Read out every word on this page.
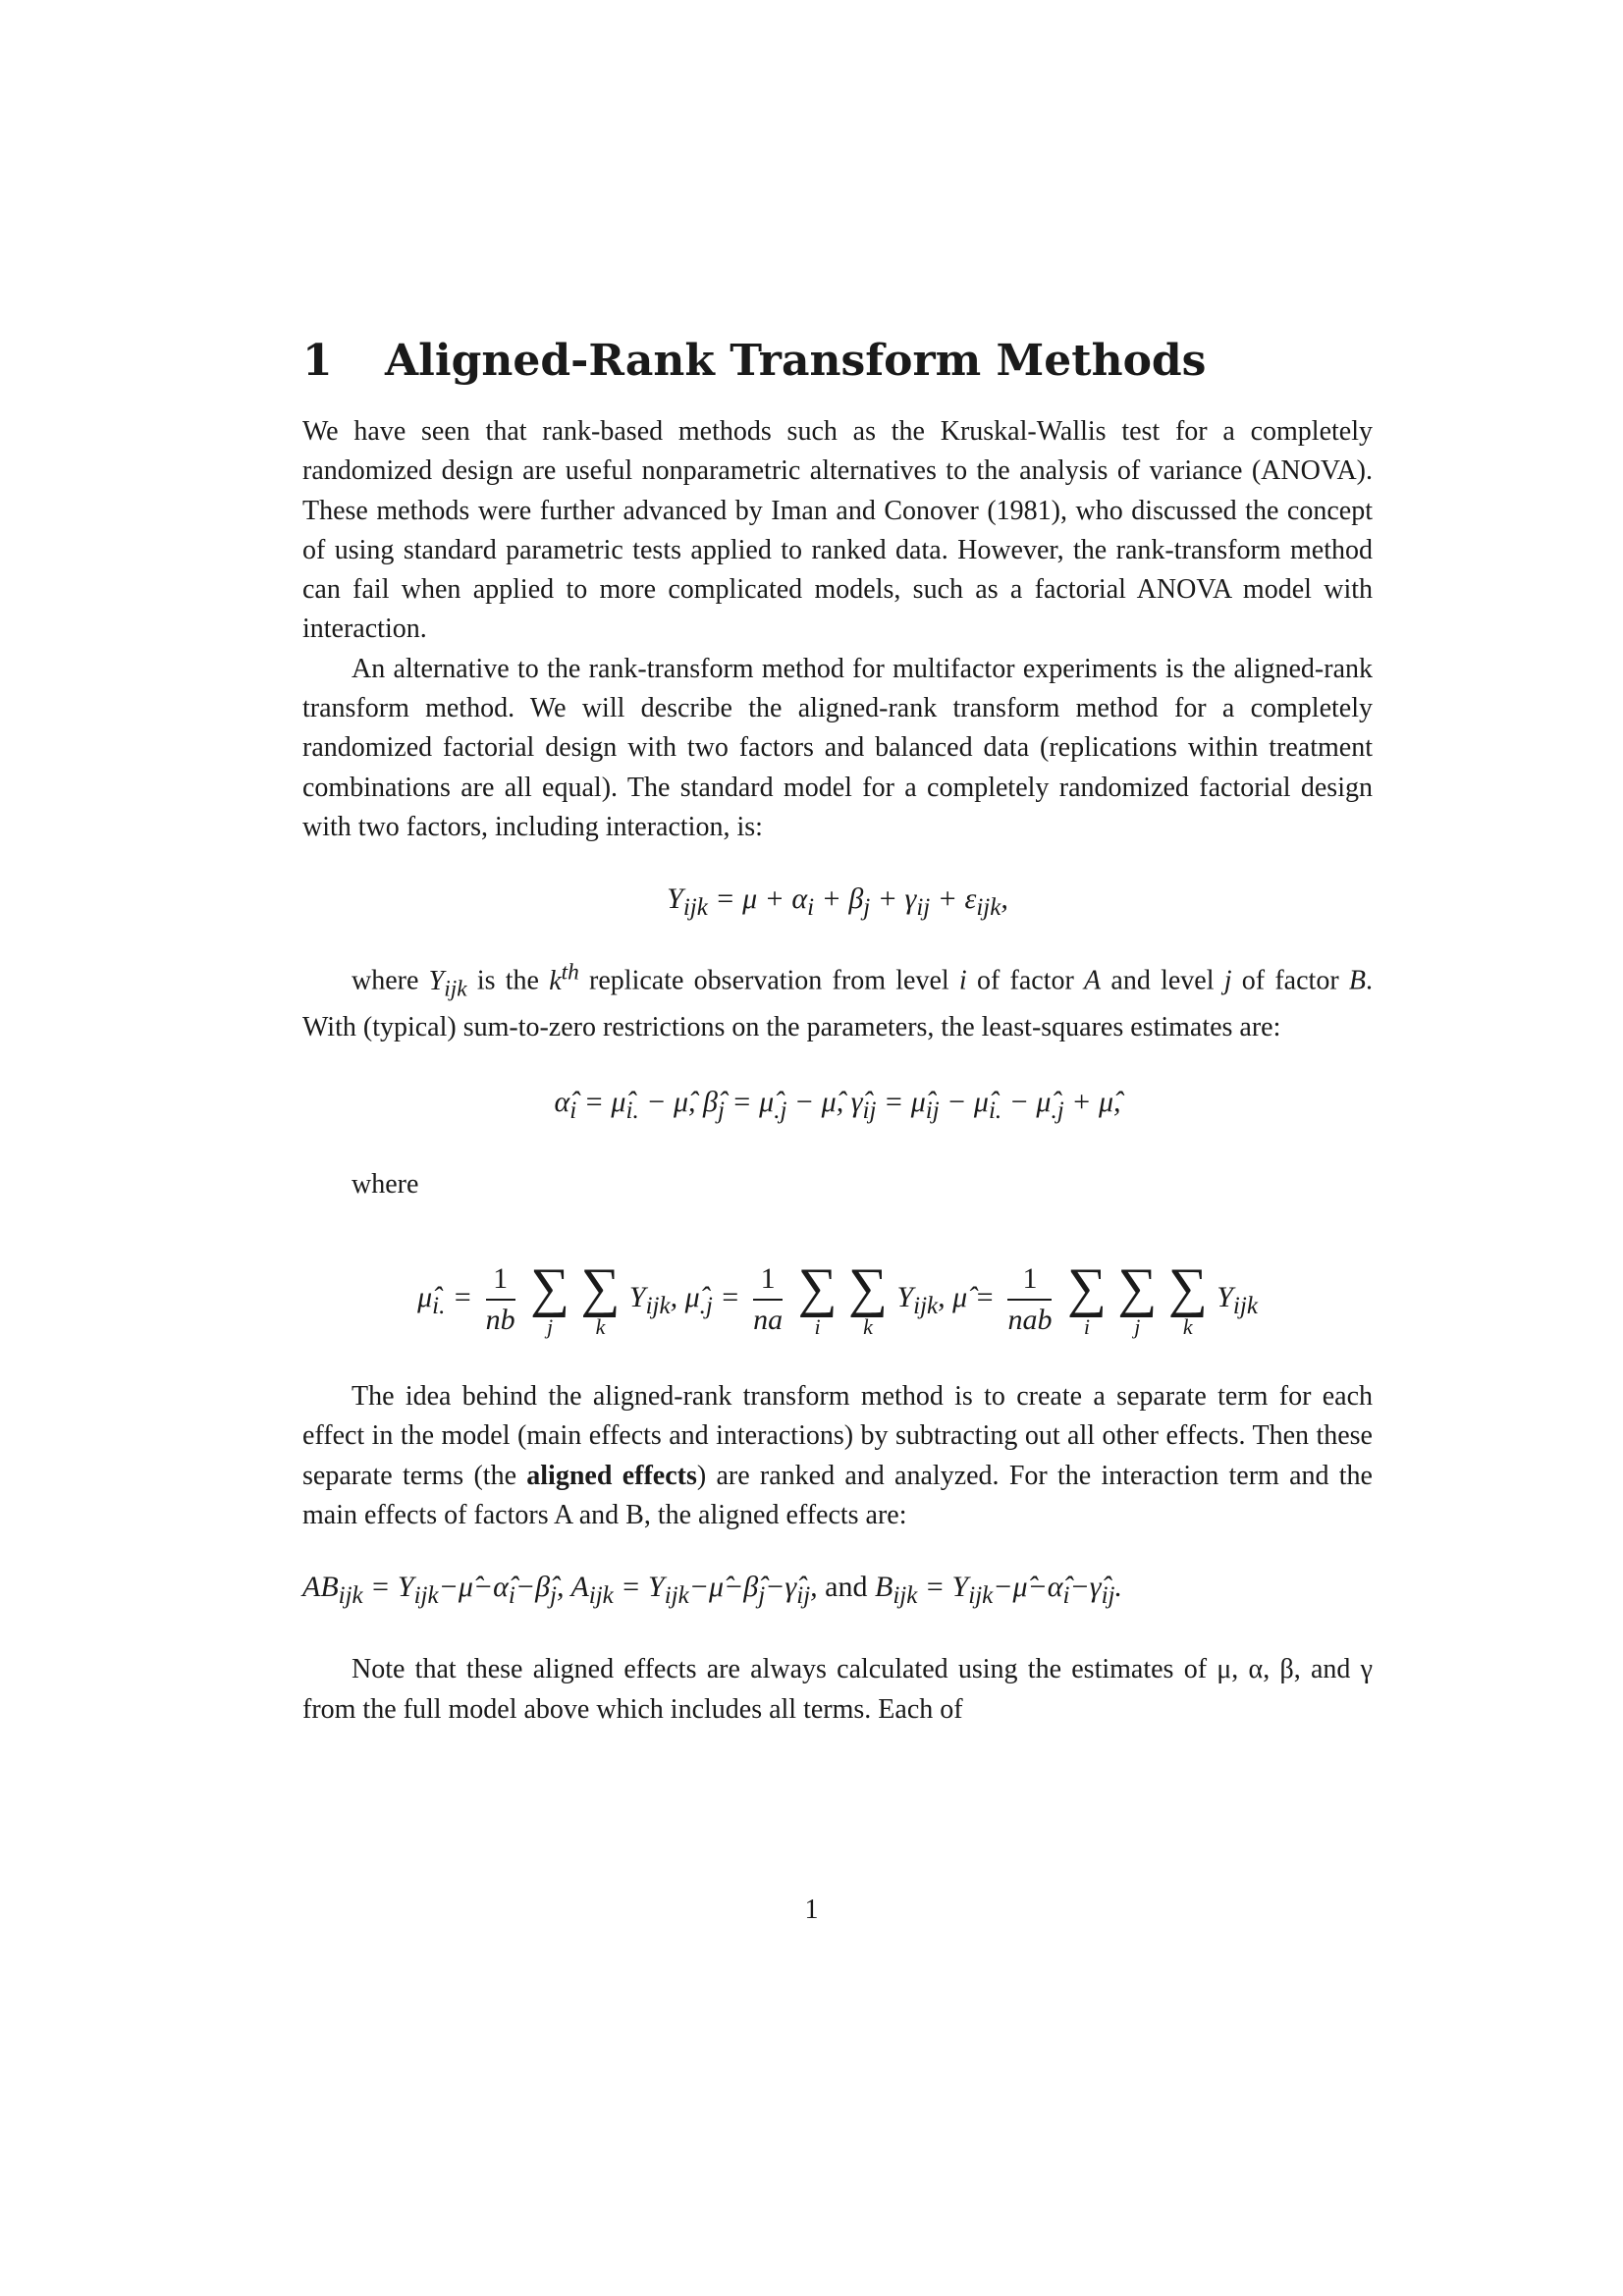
1 Aligned-Rank Transform Methods

We have seen that rank-based methods such as the Kruskal-Wallis test for a completely randomized design are useful nonparametric alternatives to the analysis of variance (ANOVA). These methods were further advanced by Iman and Conover (1981), who discussed the concept of using standard parametric tests applied to ranked data. However, the rank-transform method can fail when applied to more complicated models, such as a factorial ANOVA model with interaction.

An alternative to the rank-transform method for multifactor experiments is the aligned-rank transform method. We will describe the aligned-rank transform method for a completely randomized factorial design with two factors and balanced data (replications within treatment combinations are all equal). The standard model for a completely randomized factorial design with two factors, including interaction, is:

$Y_{ijk} = \mu + \alpha_i + \beta_j + \gamma_{ij} + \varepsilon_{ijk}$,

where $Y_{ijk}$ is the $k^{th}$ replicate observation from level i of factor A and level j of factor B. With (typical) sum-to-zero restrictions on the parameters, the least-squares estimates are:

$\alphâ_i$ = $\mû_{i.}$ − μ̂, $\betâ_j$ = $\mû_{.j}$ − μ̂, $\gammâ_{ij}$ = $\mû_{ij}$ − $\mû_{i.}$ − $\mû_{.j}$ + μ̂,

where

$\mû_{i.} = \frac{1}{nb}$
∑
j

∑
k
$Y_{ijk}$, $\mû_{.j} = \frac{1}{na}$
∑
i

∑
k
$Y_{ijk}$, μ̂ = $\frac{1}{\text{nab}}$
∑
i

∑
j

∑
k
$Y_{ijk}$

The idea behind the aligned-rank transform method is to create a separate term for each effect in the model (main effects and interactions) by subtracting out all other effects. Then these separate terms (the aligned effects) are ranked and analyzed. For the interaction term and the main effects of factors A and B, the aligned effects are:

$AB_{ijk}$ = $Y_{ijk}-\mû-\alphâ_i-\betâ_j$, $A_{ijk}$ = $Y_{ijk}-\mû-\betâ_j-\gammâ_{ij}$, and $B_{ijk}$ = $Y_{ijk}-\mû-\alphâ_i-\gammâ_{ij}$.

Note that these aligned effects are always calculated using the estimates of μ, α, β, and γ from the full model above which includes all terms. Each of

1
